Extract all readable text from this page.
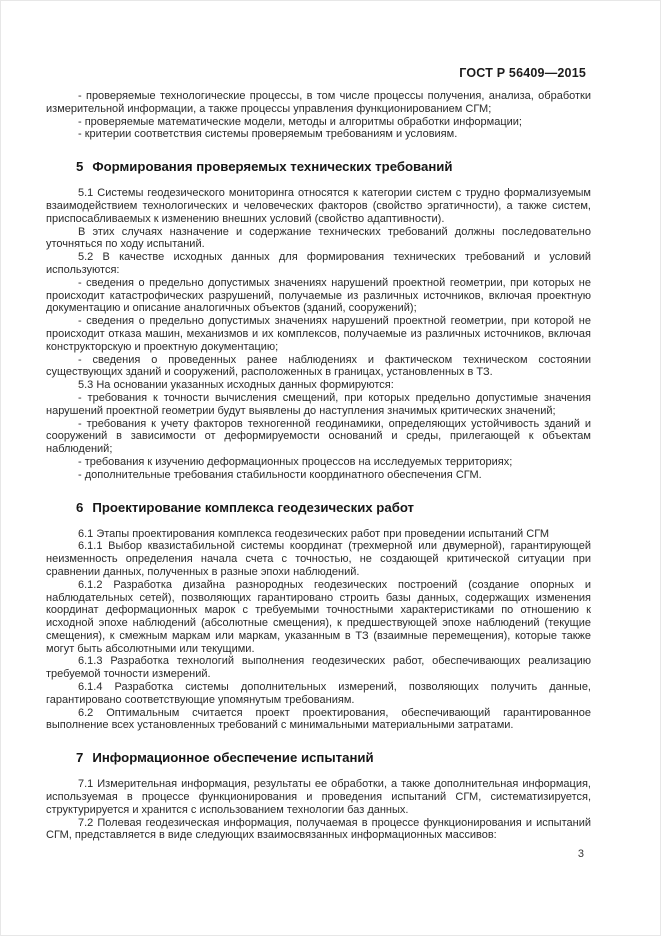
ГОСТ Р 56409—2015

- проверяемые технологические процессы, в том числе процессы получения, анализа, обработки измерительной информации, а также процессы управления функционированием СГМ;

- проверяемые математические модели, методы и алгоритмы обработки информации;

- критерии соответствия системы проверяемым требованиям и условиям.

5 Формирования проверяемых технических требований

5.1 Системы геодезического мониторинга относятся к категории систем с трудно формализуемым взаимодействием технологических и человеческих факторов (свойство эргатичности), а также систем, приспосабливаемых к изменению внешних условий (свойство адаптивности).

В этих случаях назначение и содержание технических требований должны последовательно уточняться по ходу испытаний.

5.2 В качестве исходных данных для формирования технических требований и условий используются:

- сведения о предельно допустимых значениях нарушений проектной геометрии, при которых не происходит катастрофических разрушений, получаемые из различных источников, включая проектную документацию и описание аналогичных объектов (зданий, сооружений);

- сведения о предельно допустимых значениях нарушений проектной геометрии, при которой не происходит отказа машин, механизмов и их комплексов, получаемые из различных источников, включая конструкторскую и проектную документацию;

- сведения о проведенных ранее наблюдениях и фактическом техническом состоянии существующих зданий и сооружений, расположенных в границах, установленных в ТЗ.

5.3 На основании указанных исходных данных формируются:

- требования к точности вычисления смещений, при которых предельно допустимые значения нарушений проектной геометрии будут выявлены до наступления значимых критических значений;

- требования к учету факторов техногенной геодинамики, определяющих устойчивость зданий и сооружений в зависимости от деформируемости оснований и среды, прилегающей к объектам наблюдений;

- требования к изучению деформационных процессов на исследуемых территориях;

- дополнительные требования стабильности координатного обеспечения СГМ.

6 Проектирование комплекса геодезических работ

6.1 Этапы проектирования комплекса геодезических работ при проведении испытаний СГМ

6.1.1 Выбор квазистабильной системы координат (трехмерной или двумерной), гарантирующей неизменность определения начала счета с точностью, не создающей критической ситуации при сравнении данных, полученных в разные эпохи наблюдений.

6.1.2 Разработка дизайна разнородных геодезических построений (создание опорных и наблюдательных сетей), позволяющих гарантировано строить базы данных, содержащих изменения координат деформационных марок с требуемыми точностными характеристиками по отношению к исходной эпохе наблюдений (абсолютные смещения), к предшествующей эпохе наблюдений (текущие смещения), к смежным маркам или маркам, указанным в ТЗ (взаимные перемещения), которые также могут быть абсолютными или текущими.

6.1.3 Разработка технологий выполнения геодезических работ, обеспечивающих реализацию требуемой точности измерений.

6.1.4 Разработка системы дополнительных измерений, позволяющих получить данные, гарантировано соответствующие упомянутым требованиям.

6.2 Оптимальным считается проект проектирования, обеспечивающий гарантированное выполнение всех установленных требований с минимальными материальными затратами.

7 Информационное обеспечение испытаний

7.1 Измерительная информация, результаты ее обработки, а также дополнительная информация, используемая в процессе функционирования и проведения испытаний СГМ, систематизируется, структурируется и хранится с использованием технологии баз данных.

7.2 Полевая геодезическая информация, получаемая в процессе функционирования и испытаний СГМ, представляется в виде следующих взаимосвязанных информационных массивов:

3
